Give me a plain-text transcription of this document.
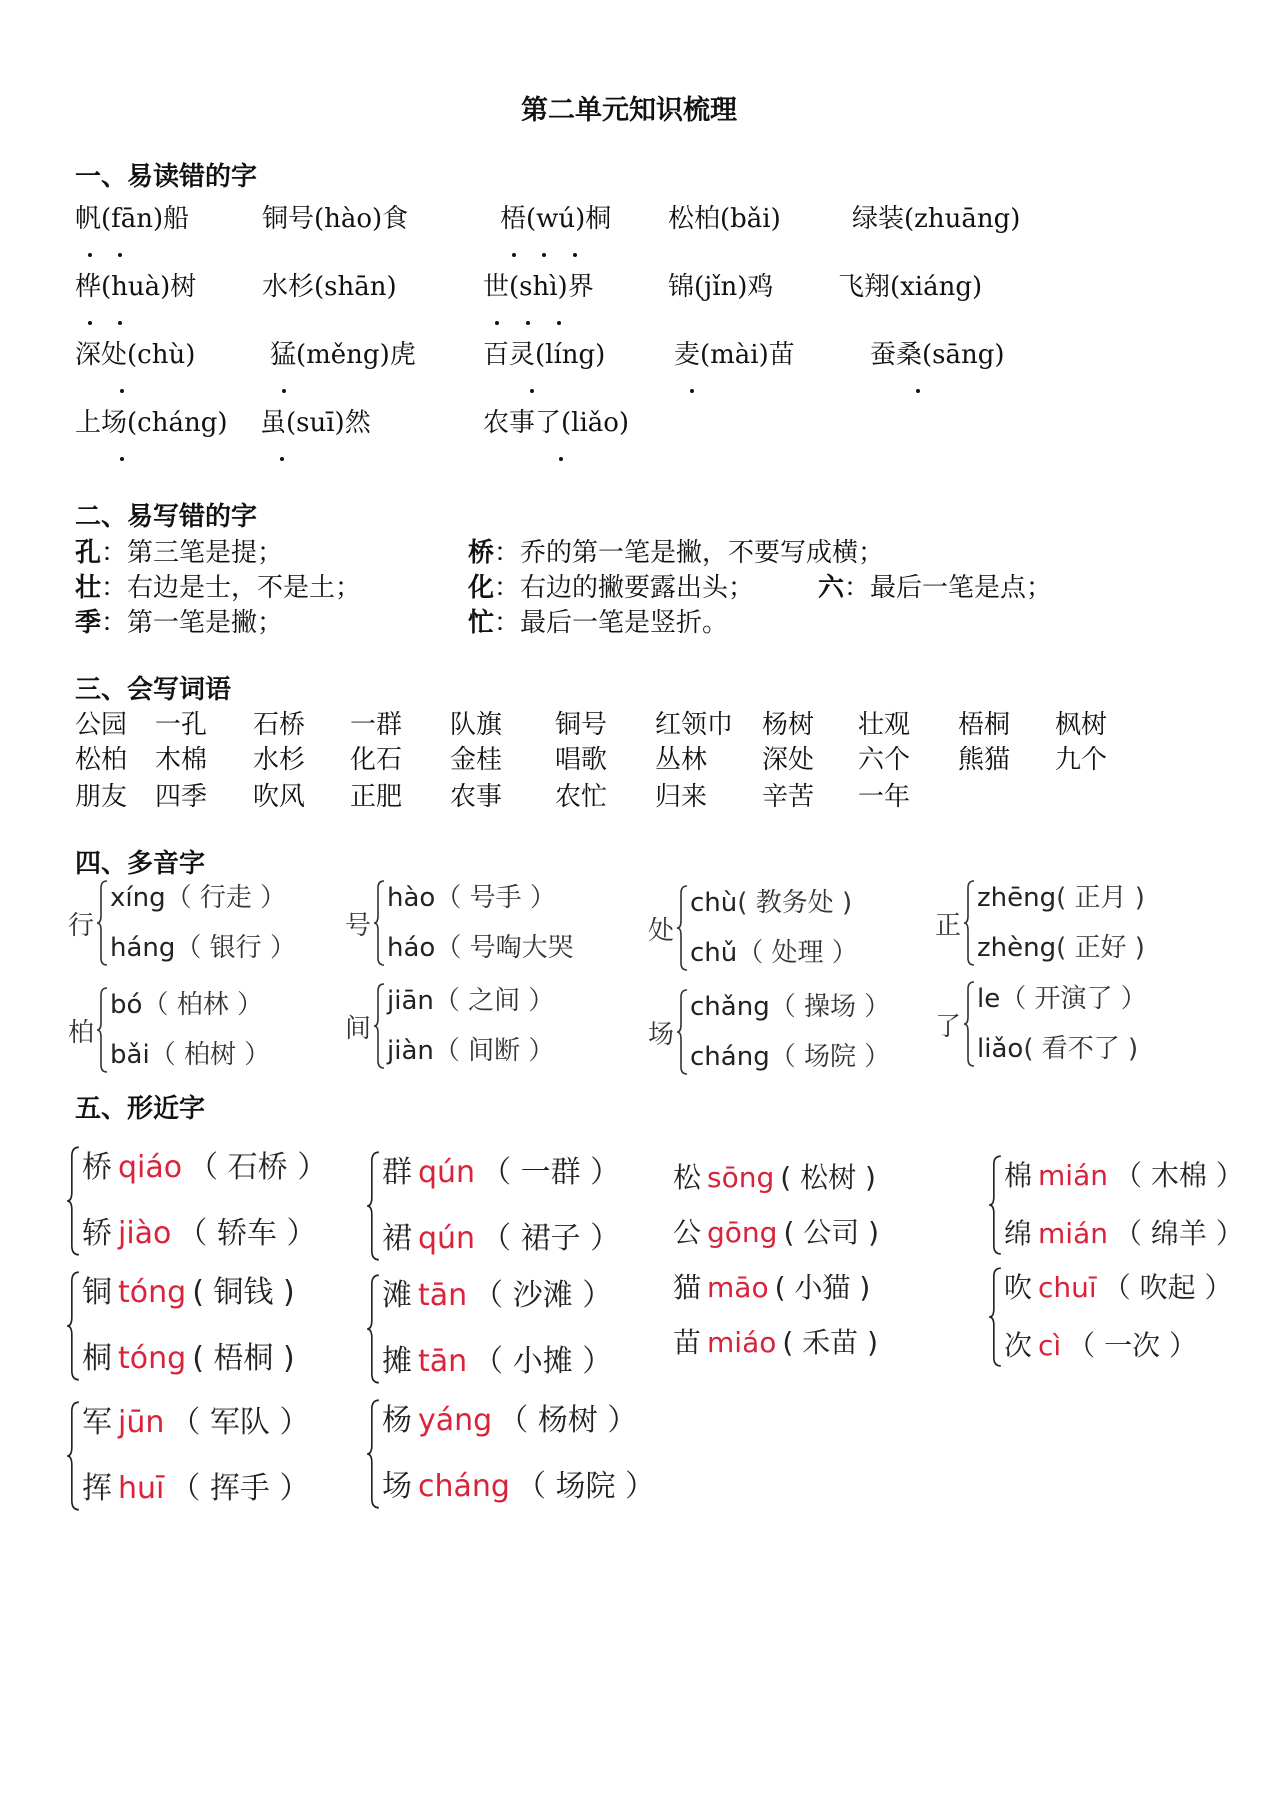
第二单元知识梳理
一、易读错的字
帆(fān)船	铜号(hào)食	梧(wú)桐 松柏(bǎi)	绿装(zhuāng)
桦(huà)树	水杉(shān)	世(shì)界	锦(jǐn)鸡 飞翔(xiáng)
深处(chù)	猛(měng)虎	百灵(líng)	麦(mài)苗	蚕桑(sāng)
上场(cháng) 虽(suī)然	农事了(liǎo)
二、易写错的字
孔：第三笔是提；	桥：乔的第一笔是撇，不要写成横；
壮：右边是士，不是土；	化：右边的撇要露出头； 六：最后一笔是点；
季：第一笔是撇；	忙：最后一笔是竖折。
三、会写词语
公园 一孔 石桥 一群 队旗 铜号 红领巾 杨树 壮观 梧桐 枫树
松柏 木棉 水杉 化石 金桂 唱歌 丛林 深处 六个 熊猫 九个
朋友 四季 吹风 正肥 农事 农忙 归来 辛苦 一年
四、多音字
行
xíng（ 行走 ）
háng（ 银行 ）
号
hào（ 号手 ）
háo（ 号啕大哭
处
chù( 教务处 )
chǔ（ 处理 ）
正
zhēng( 正月 )
zhèng( 正好 )
柏
bó（ 柏林 ）
bǎi（ 柏树 ）
间
jiān（ 之间 ）
jiàn（ 间断 ）
场
chǎng（ 操场 ）
cháng（ 场院 ）
了
le（ 开演了 ）
liǎo( 看不了 )
五、形近字
桥 qiáo （ 石桥 ）
轿 jiào （ 轿车 ）
群 qún （ 一群 ）
裙 qún （ 裙子 ）
铜 tóng ( 铜钱 )
桐 tóng ( 梧桐 )
滩 tān （ 沙滩 ）
摊 tān （ 小摊 ）
军 jūn （ 军队 ）
挥 huī （ 挥手 ）
杨 yáng （ 杨树 ）
场 cháng （ 场院 ）
松 sōng ( 松树 )
公 gōng ( 公司 )
猫 māo ( 小猫 )
苗 miáo ( 禾苗 )
棉 mián （ 木棉 ）
绵 mián （ 绵羊 ）
吹 chuī （ 吹起 ）
次 cì （ 一次 ）
